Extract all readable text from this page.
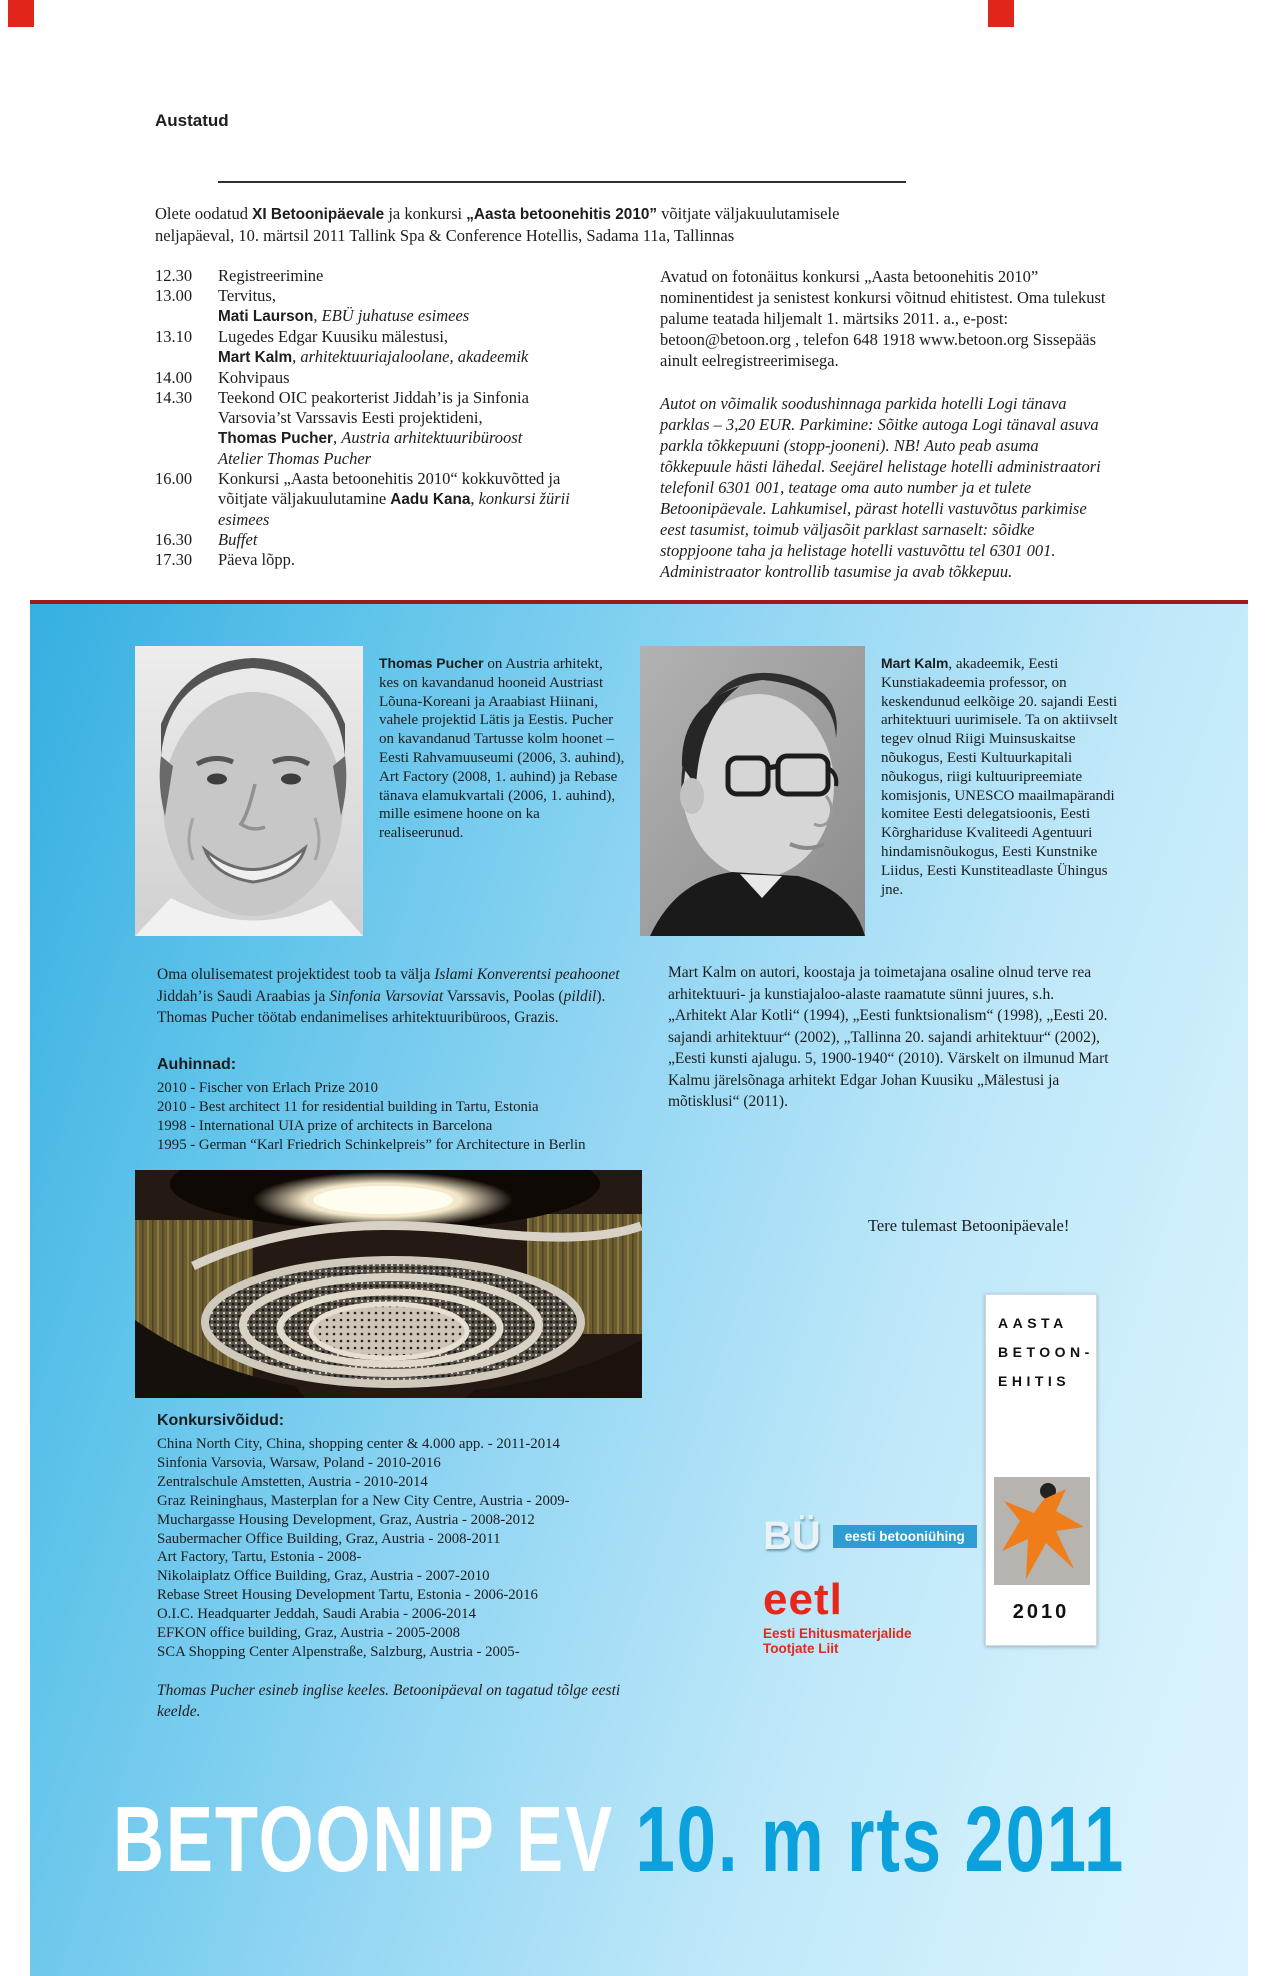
Austatud
Olete oodatud XI Betoonipäevale ja konkursi „Aasta betoonehitis 2010” võitjate väljakuulutamisele neljapäeval, 10. märtsil 2011 Tallink Spa & Conference Hotellis, Sadama 11a, Tallinnas
12.30	Registreerimine
13.00	Tervitus,
Mati Laurson, EBÜ juhatuse esimees
13.10	Lugedes Edgar Kuusiku mälestusi,
Mart Kalm, arhitektuuriajaloolane, akadeemik
14.00	Kohvipaus
14.30	Teekond OIC peakorterist Jiddah’is ja Sinfonia
Varsovia’st Varssavis Eesti projektideni,
Thomas Pucher, Austria arhitektuuribüroost
Atelier Thomas Pucher
16.00	Konkursi „Aasta betoonehitis 2010“ kokkuvõtted ja
võitjate väljakuulutamine Aadu Kana, konkursi žürii
esimees
16.30	Buffet
17.30	Päeva lõpp.

Avatud on fotonäitus konkursi „Aasta betoonehitis 2010” nominentidest ja senistest konkursi võitnud ehitistest. Oma tulekust palume teatada hiljemalt 1. märtsiks 2011. a., e-post: betoon@betoon.org , telefon 648 1918 www.betoon.org Sissepääs ainult eelregistreerimisega.

Autot on võimalik soodushinnaga parkida hotelli Logi tänava parklas – 3,20 EUR. Parkimine: Sõitke autoga Logi tänaval asuva parkla tõkkepuuni (stopp-jooneni). NB! Auto peab asuma tõkkepuule hästi lähedal. Seejärel helistage hotelli administraatori telefonil 6301 001, teatage oma auto number ja et tulete Betoonipäevale. Lahkumisel, pärast hotelli vastuvõtus parkimise eest tasumist, toimub väljasõit parklast sarnaselt: sõidke stoppjoone taha ja helistage hotelli vastuvõttu tel 6301 001. Administraator kontrollib tasumise ja avab tõkkepuu.

Thomas Pucher on Austria arhitekt, kes on kavandanud hooneid Austriast Lõuna-Koreani ja Araabiast Hiinani, vahele projektid Lätis ja Eestis. Pucher on kavandanud Tartusse kolm hoonet – Eesti Rahvamuuseumi (2006, 3. auhind), Art Factory (2008, 1. auhind) ja Rebase tänava elamukvartali (2006, 1. auhind), mille esimene hoone on ka realiseerunud.
Mart Kalm, akadeemik, Eesti Kunstiakadeemia professor, on keskendunud eelkõige 20. sajandi Eesti arhitektuuri uurimisele. Ta on aktiivselt tegev olnud Riigi Muinsuskaitse nõukogus, Eesti Kultuurkapitali nõukogus, riigi kultuuripreemiate komisjonis, UNESCO maailmapärandi komitee Eesti delegatsioonis, Eesti Kõrghariduse Kvaliteedi Agentuuri hindamisnõukogus, Eesti Kunstnike Liidus, Eesti Kunstiteadlaste Ühingus jne.
Oma olulisematest projektidest toob ta välja Islami Konverentsi peahoonet Jiddah’is Saudi Araabias ja Sinfonia Varsoviat Varssavis, Poolas (pildil). Thomas Pucher töötab endanimelises arhitektuuribüroos, Grazis.
Mart Kalm on autori, koostaja ja toimetajana osaline olnud terve rea arhitektuuri- ja kunstiajaloo-alaste raamatute sünni juures, s.h. „Arhitekt Alar Kotli“ (1994), „Eesti funktsionalism“ (1998), „Eesti 20. sajandi arhitektuur“ (2002), „Tallinna 20. sajandi arhitektuur“ (2002), „Eesti kunsti ajalugu. 5, 1900-1940“ (2010). Värskelt on ilmunud Mart Kalmu järelsõnaga arhitekt Edgar Johan Kuusiku „Mälestusi ja mõtisklusi“ (2011).
Auhinnad:
2010 - Fischer von Erlach Prize 2010
2010 - Best architect 11 for residential building in Tartu, Estonia
1998 - International UIA prize of architects in Barcelona
1995 - German “Karl Friedrich Schinkelpreis” for Architecture in Berlin
Tere tulemast Betoonipäevale!
AASTA
BETOON-
EHITIS
2010
Konkursivõidud:
China North City, China, shopping center & 4.000 app. - 2011-2014
Sinfonia Varsovia, Warsaw, Poland - 2010-2016
Zentralschule Amstetten, Austria - 2010-2014
Graz Reininghaus, Masterplan for a New City Centre, Austria - 2009-
Muchargasse Housing Development, Graz, Austria - 2008-2012
Saubermacher Office Building, Graz, Austria - 2008-2011
Art Factory, Tartu, Estonia - 2008-
Nikolaiplatz Office Building, Graz, Austria - 2007-2010
Rebase Street Housing Development Tartu, Estonia - 2006-2016
O.I.C. Headquarter Jeddah, Saudi Arabia - 2006-2014
EFKON office building, Graz, Austria - 2005-2008
SCA Shopping Center Alpenstraße, Salzburg, Austria - 2005-
BÜ	eesti betooniühing
eetl
Eesti Ehitusmaterjalide
Tootjate Liit
Thomas Pucher esineb inglise keeles. Betoonipäeval on tagatud tõlge eesti keelde.
BETOONIP EV 10. m rts 2011
